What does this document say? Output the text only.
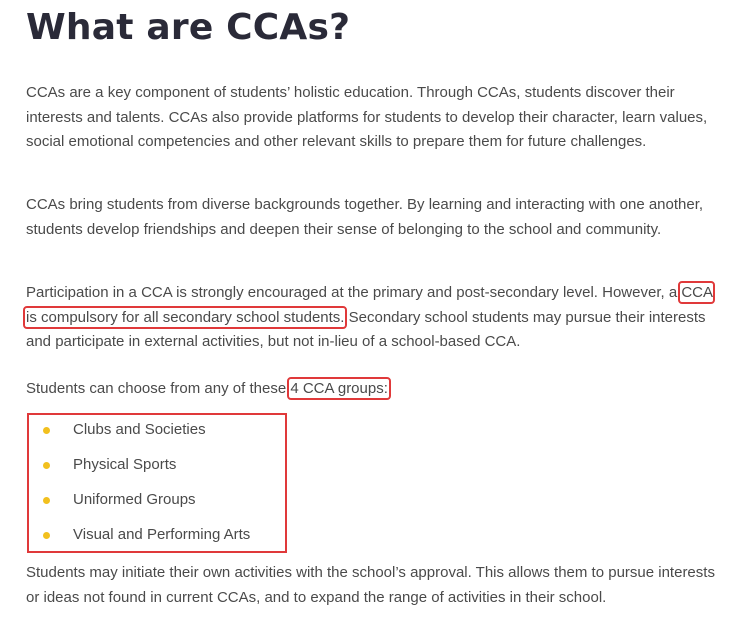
What are CCAs?

CCAs are a key component of students’ holistic education. Through CCAs, students discover their interests and talents. CCAs also provide platforms for students to develop their character, learn values, social emotional competencies and other relevant skills to prepare them for future challenges.

CCAs bring students from diverse backgrounds together. By learning and interacting with one another, students develop friendships and deepen their sense of belonging to the school and community.

Participation in a CCA is strongly encouraged at the primary and post-secondary level. However, a CCA is compulsory for all secondary school students. Secondary school students may pursue their interests and participate in external activities, but not in-lieu of a school-based CCA.

Students can choose from any of these 4 CCA groups:

Clubs and Societies
Physical Sports
Uniformed Groups
Visual and Performing Arts

Students may initiate their own activities with the school’s approval. This allows them to pursue interests or ideas not found in current CCAs, and to expand the range of activities in their school.
